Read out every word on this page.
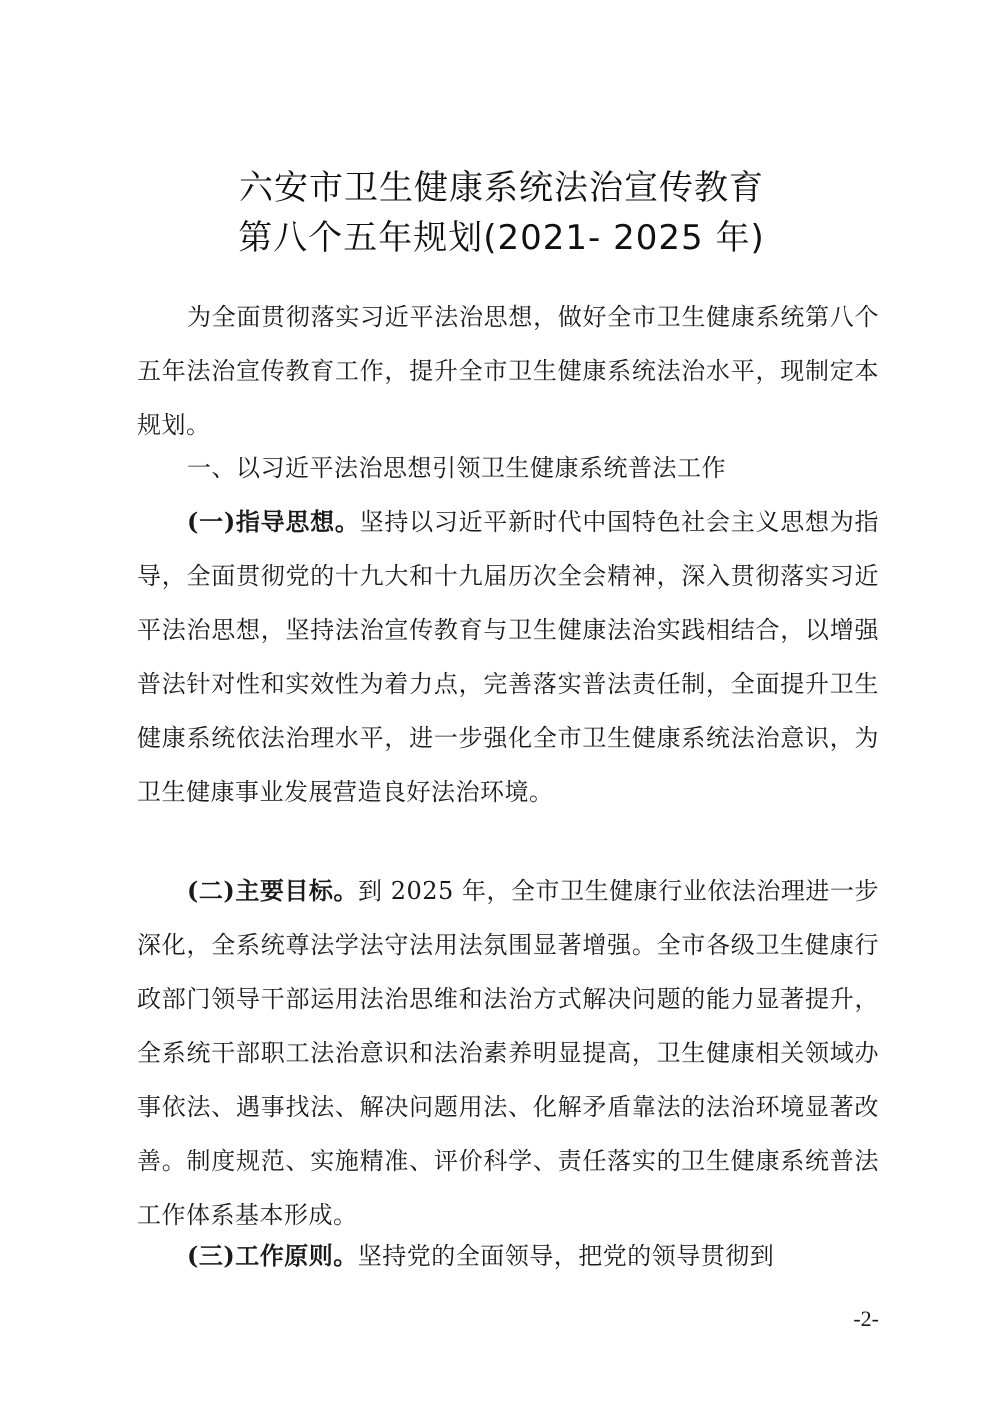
六安市卫生健康系统法治宣传教育
第八个五年规划(2021- 2025 年)
为全面贯彻落实习近平法治思想，做好全市卫生健康系统第八个五年法治宣传教育工作，提升全市卫生健康系统法治水平，现制定本规划。
一、以习近平法治思想引领卫生健康系统普法工作
(一)指导思想。坚持以习近平新时代中国特色社会主义思想为指导，全面贯彻党的十九大和十九届历次全会精神，深入贯彻落实习近平法治思想，坚持法治宣传教育与卫生健康法治实践相结合，以增强普法针对性和实效性为着力点，完善落实普法责任制，全面提升卫生健康系统依法治理水平，进一步强化全市卫生健康系统法治意识，为卫生健康事业发展营造良好法治环境。
(二)主要目标。到 2025 年，全市卫生健康行业依法治理进一步深化，全系统尊法学法守法用法氛围显著增强。全市各级卫生健康行政部门领导干部运用法治思维和法治方式解决问题的能力显著提升，全系统干部职工法治意识和法治素养明显提高，卫生健康相关领域办事依法、遇事找法、解决问题用法、化解矛盾靠法的法治环境显著改善。制度规范、实施精准、评价科学、责任落实的卫生健康系统普法工作体系基本形成。
(三)工作原则。坚持党的全面领导，把党的领导贯彻到
-2-
